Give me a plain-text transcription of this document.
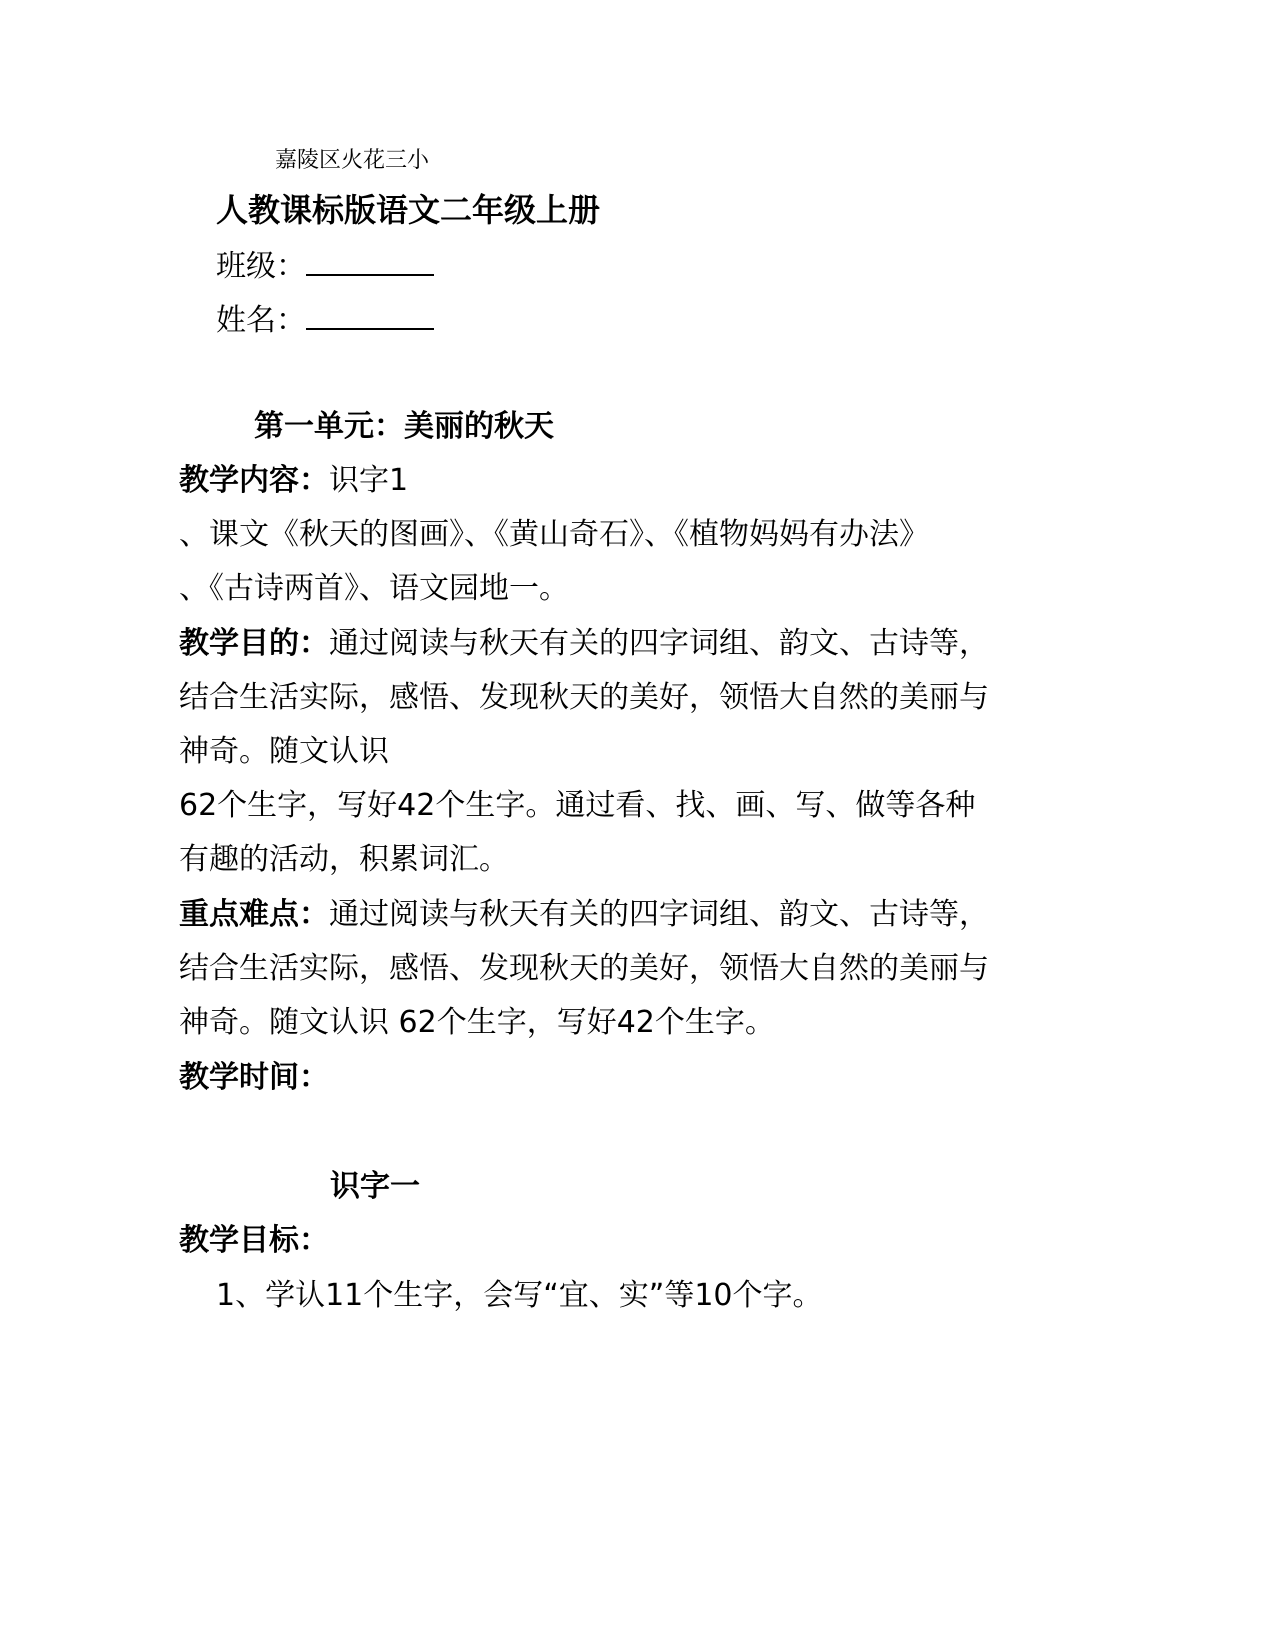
嘉陵区火花三小
人教课标版语文二年级上册
班级：
姓名：
第一单元：美丽的秋天
教学内容：识字1
、课文《秋天的图画》、《黄山奇石》、《植物妈妈有办法》
、《古诗两首》、语文园地一。
教学目的：通过阅读与秋天有关的四字词组、韵文、古诗等，
结合生活实际，感悟、发现秋天的美好，领悟大自然的美丽与
神奇。随文认识
62个生字，写好42个生字。通过看、找、画、写、做等各种
有趣的活动，积累词汇。
重点难点：通过阅读与秋天有关的四字词组、韵文、古诗等，
结合生活实际，感悟、发现秋天的美好，领悟大自然的美丽与
神奇。随文认识 62个生字，写好42个生字。
教学时间：
识字一
教学目标：
1、学认11个生字，会写“宜、实”等10个字。
